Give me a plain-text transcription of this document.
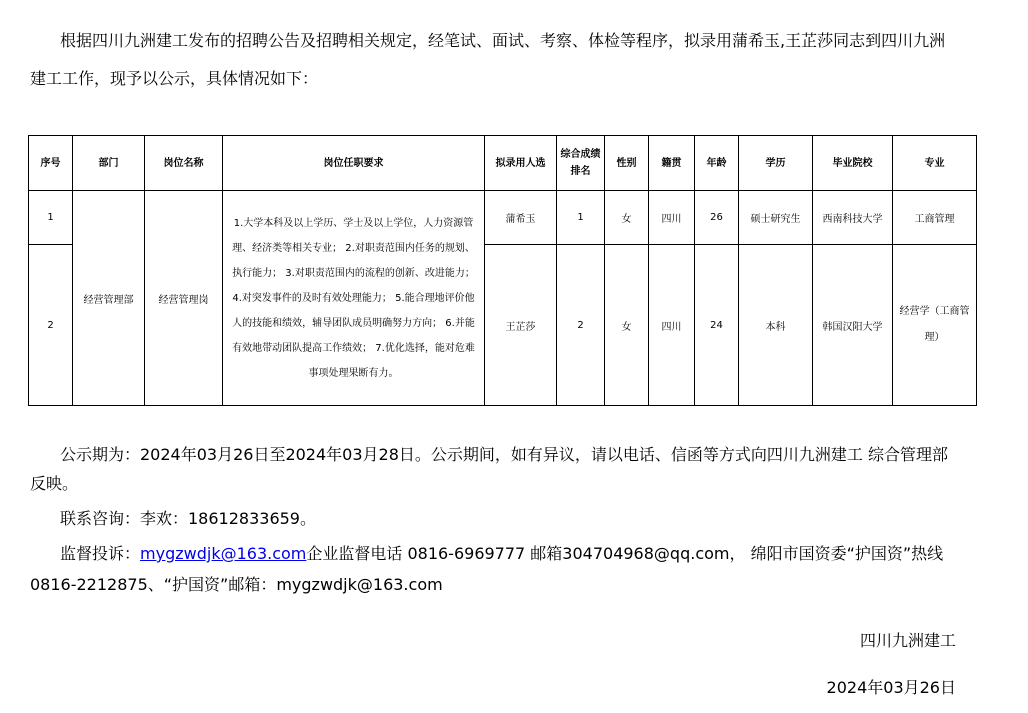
根据四川九洲建工发布的招聘公告及招聘相关规定，经笔试、面试、考察、体检等程序，拟录用蒲希玉,王芷莎同志到四川九洲建工工作，现予以公示，具体情况如下：
序号	部门	岗位名称	岗位任职要求	拟录用人选	综合成绩排名	性别	籍贯	年龄	学历	毕业院校	专业
1	经营管理部	经营管理岗	1.大学本科及以上学历、学士及以上学位，人力资源管理、经济类等相关专业； 2.对职责范围内任务的规划、执行能力； 3.对职责范围内的流程的创新、改进能力； 4.对突发事件的及时有效处理能力； 5.能合理地评价他人的技能和绩效，辅导团队成员明确努力方向； 6.并能有效地带动团队提高工作绩效； 7.优化选择，能对危难事项处理果断有力。	蒲希玉	1	女	四川	26	硕士研究生	西南科技大学	工商管理
2				王芷莎	2	女	四川	24	本科	韩国汉阳大学	经营学（工商管理）
公示期为：2024年03月26日至2024年03月28日。公示期间，如有异议，请以电话、信函等方式向四川九洲建工 综合管理部反映。
联系咨询：李欢：18612833659。
监督投诉：mygzwdjk@163.com企业监督电话 0816-6969777 邮箱304704968@qq.com， 绵阳市国资委“护国资”热线0816-2212875、“护国资”邮箱：mygzwdjk@163.com
四川九洲建工
2024年03月26日
